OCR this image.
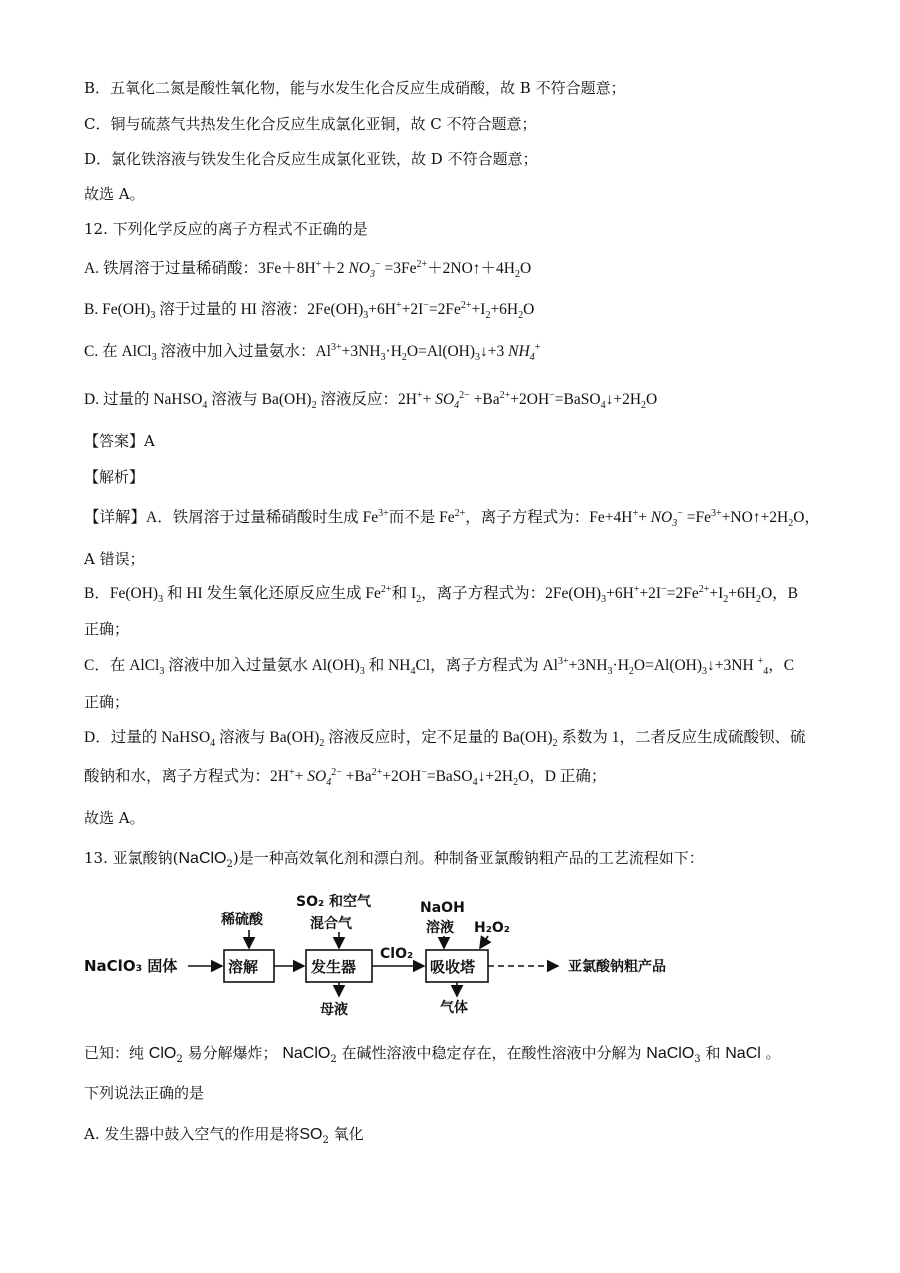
B．五氧化二氮是酸性氧化物，能与水发生化合反应生成硝酸，故 B 不符合题意；
C．铜与硫蒸气共热发生化合反应生成氯化亚铜，故 C 不符合题意；
D．氯化铁溶液与铁发生化合反应生成氯化亚铁，故 D 不符合题意；
故选 A。
12. 下列化学反应的离子方程式不正确的是
A. 铁屑溶于过量稀硝酸：3Fe＋8H+＋2 $NO_3^-$ $=3Fe^{2+}+2NO↑+4H_2O$
B. $Fe(OH)_3$ 溶于过量的 HI 溶液：$2Fe(OH)_3+6H^++2I^-=2Fe^{2+}+I_2+6H_2O$
C. 在 AlCl$_3$ 溶液中加入过量氨水：$Al^{3+}+3NH_3\cdot H_2O=Al(OH)_3↓+3$ $NH_4^+$
D. 过量的 NaHSO$_4$ 溶液与 $Ba(OH)_2$ 溶液反应：$2H^++ SO_4^{2-}$ $+Ba^{2+}+2OH^-=BaSO_4↓+2H_2O$
【答案】A
【解析】
【详解】A．铁屑溶于过量稀硝酸时生成 $Fe^{3+}$而不是 $Fe^{2+}$，离子方程式为：$Fe+4H^++ NO_3^-$ $=Fe^{3+}+NO↑+2H_2O$，
A 错误；
B．$Fe(OH)_3$ 和 HI 发生氧化还原反应生成 $Fe^{2+}$和 $I_2$，离子方程式为：$2Fe(OH)_3+6H^++2I^-=2Fe^{2+}+I_2+6H_2O$，B
正确；
C．在 AlCl$_3$ 溶液中加入过量氨水 $Al(OH)_3$ 和 $NH_4Cl$，离子方程式为 $Al^{3+}+3NH_3\cdot H_2O=Al(OH)_3↓+3NH$ +$_4$，C
正确；
D．过量的 NaHSO$_4$ 溶液与 $Ba(OH)_2$ 溶液反应时，定不足量的 $Ba(OH)_2$ 系数为 1，二者反应生成硫酸钡、硫
酸钠和水，离子方程式为：$2H^++ SO_4^{2-}$ $+Ba^{2+}+2OH^-=BaSO_4↓+2H_2O$，D 正确；
故选 A。
13. 亚氯酸钠(NaClO$_2$)是一种高效氧化剂和漂白剂。种制备亚氯酸钠粗产品的工艺流程如下：
NaClO₃ 固体	溶解
稀硫酸
发生器
SO₂ 和空气
混合气
母液
ClO₂
吸收塔
NaOH
溶液 H₂O₂
气体
亚氯酸钠粗产品
已知：纯 ClO$_2$ 易分解爆炸； NaClO$_2$ 在碱性溶液中稳定存在，在酸性溶液中分解为 NaClO$_3$ 和 NaCl 。
下列说法正确的是
A. 发生器中鼓入空气的作用是将$SO_2$ 氧化
